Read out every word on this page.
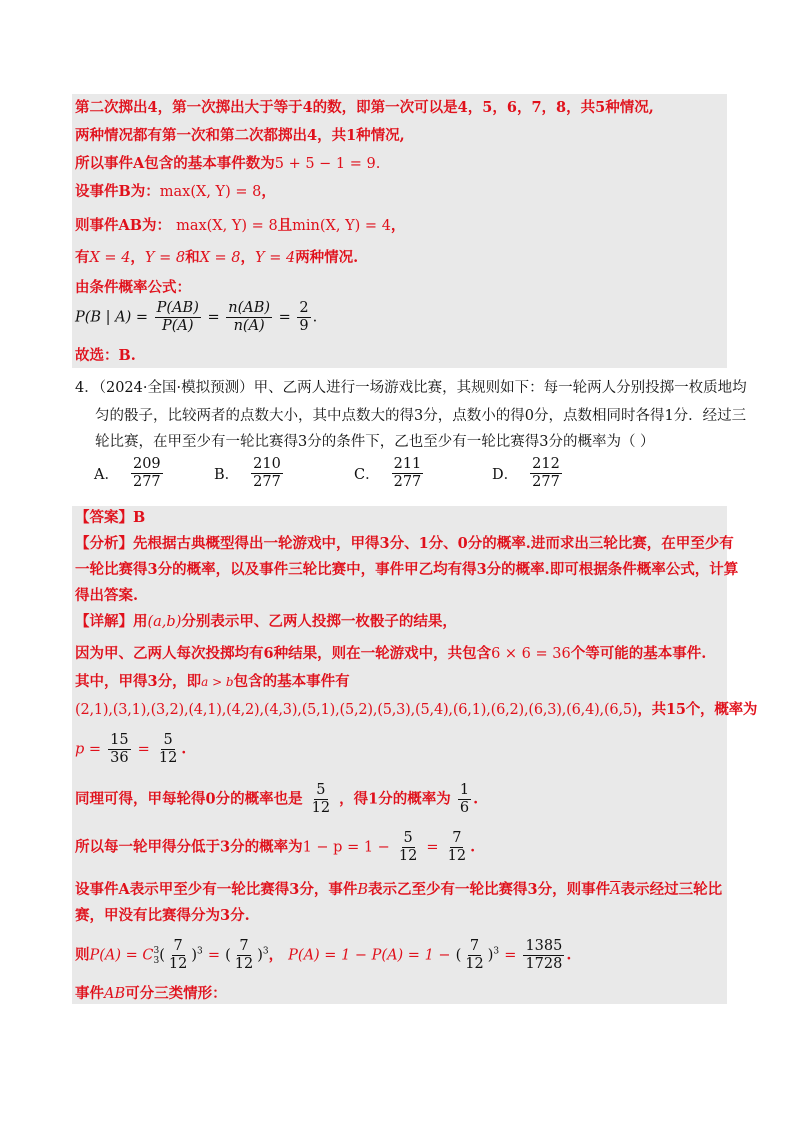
第二次掷出4，第一次掷出大于等于4的数，即第一次可以是4，5，6，7，8，共5种情况,
两种情况都有第一次和第二次都掷出4，共1种情况,
所以事件A包含的基本事件数为5 + 5 − 1 = 9.
设事件B为：max(X, Y) = 8，
则事件AB为： max(X, Y) = 8且min(X, Y) = 4，
有X = 4，Y = 8和X = 8，Y = 4两种情况.
由条件概率公式：
P(B | $A) = \frac{P(AB)}{P(A)} = \frac{n(AB)}{n(A)} = \frac{2}{9}$ .
故选：B.
4．（2024·全国·模拟预测）甲、乙两人进行一场游戏比赛，其规则如下：每一轮两人分别投掷一枚质地均
匀的骰子，比较两者的点数大小，其中点数大的得3分，点数小的得0分，点数相同时各得1分．经过三
轮比赛，在甲至少有一轮比赛得3分的条件下，乙也至少有一轮比赛得3分的概率为（ ）
A． $\frac{209}{277}$	B． $\frac{210}{277}$	C． $\frac{211}{277}$	D． $\frac{212}{277}$
【答案】B
【分析】先根据古典概型得出一轮游戏中，甲得3分、1分、0分的概率.进而求出三轮比赛，在甲至少有
一轮比赛得3分的概率，以及事件三轮比赛中，事件甲乙均有得3分的概率.即可根据条件概率公式，计算
得出答案.
【详解】用(a,b)分别表示甲、乙两人投掷一枚骰子的结果，
因为甲、乙两人每次投掷均有6种结果，则在一轮游戏中，共包含6 × 6 = 36个等可能的基本事件.
其中，甲得3分，即a > b包含的基本事件有
(2,1),(3,1),(3,2),(4,1),(4,2),(4,3),(5,1),(5,2),(5,3),(5,4),(6,1),(6,2),(6,3),(6,4),(6,5)，共15个，概率为
$p = \frac{15}{36} = \frac{5}{12}$ .
同理可得，甲每轮得0分的概率也是 $\frac{5}{12}$ ，得1分的概率为 $\frac{1}{6}$ .
所以每一轮甲得分低于3分的概率为$1 - p = 1 - \frac{5}{12} = \frac{7}{12}$ .
设事件A表示甲至少有一轮比赛得3分，事件B表示乙至少有一轮比赛得3分，则事件$\overline{A}$表示经过三轮比
赛，甲没有比赛得分为3分.
则P(A) = C 3
3 ( $\frac{7}{12} )^3$ = ( $\frac{7}{12} )^3$， P(A) = 1 − P(A) = 1 − ( $\frac{7}{12} )^3 = \frac{1385}{1728}$ .
事件AB可分三类情形：
